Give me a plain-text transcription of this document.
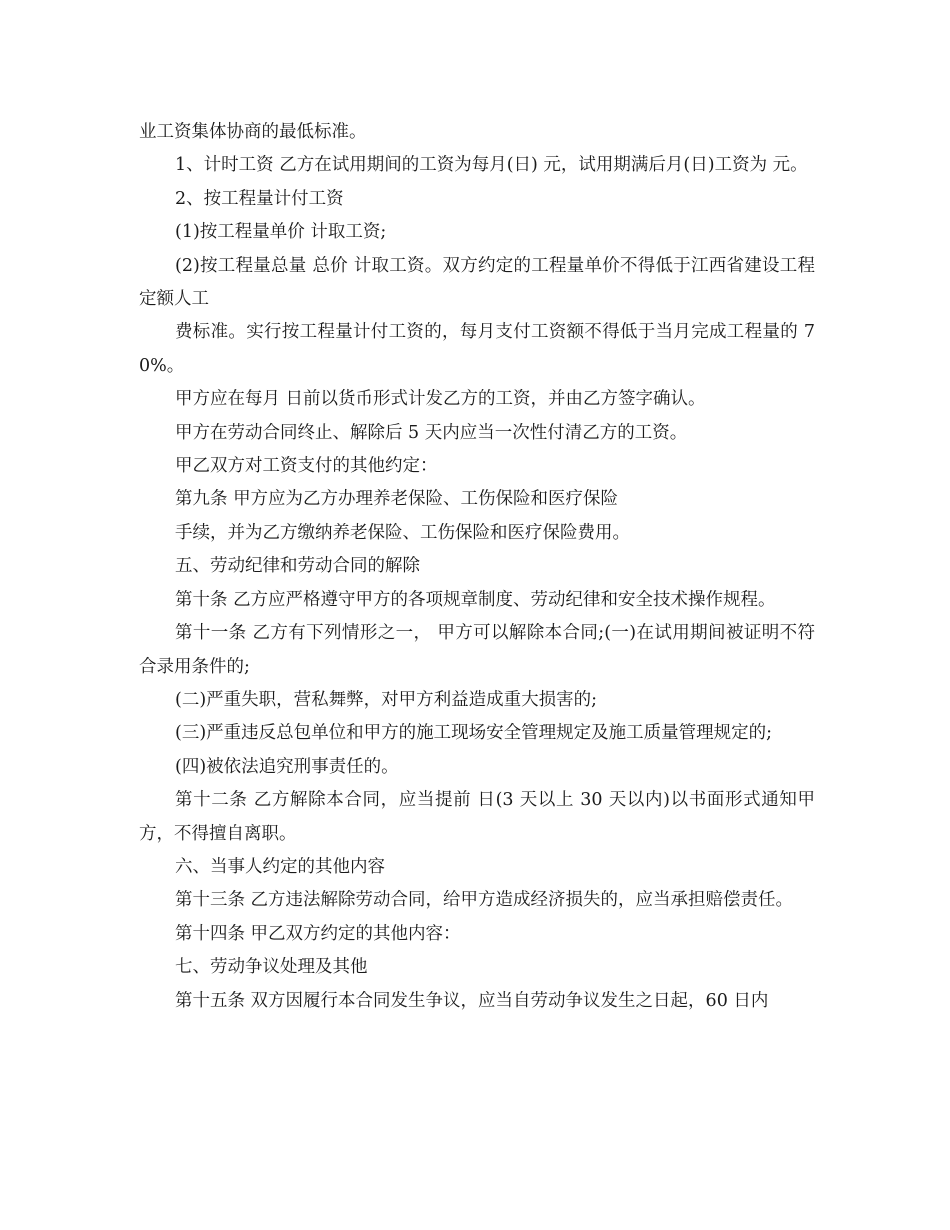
业工资集体协商的最低标准。

1、计时工资 乙方在试用期间的工资为每月(日) 元，试用期满后月(日)工资为 元。

2、按工程量计付工资

(1)按工程量单价 计取工资;

(2)按工程量总量 总价 计取工资。双方约定的工程量单价不得低于江西省建设工程定额人工

费标准。实行按工程量计付工资的，每月支付工资额不得低于当月完成工程量的 70%。

甲方应在每月 日前以货币形式计发乙方的工资，并由乙方签字确认。

甲方在劳动合同终止、解除后 5 天内应当一次性付清乙方的工资。

甲乙双方对工资支付的其他约定：

第九条 甲方应为乙方办理养老保险、工伤保险和医疗保险

手续，并为乙方缴纳养老保险、工伤保险和医疗保险费用。

五、劳动纪律和劳动合同的解除

第十条 乙方应严格遵守甲方的各项规章制度、劳动纪律和安全技术操作规程。

第十一条 乙方有下列情形之一， 甲方可以解除本合同;(一)在试用期间被证明不符合录用条件的;

(二)严重失职，营私舞弊，对甲方利益造成重大损害的;

(三)严重违反总包单位和甲方的施工现场安全管理规定及施工质量管理规定的;

(四)被依法追究刑事责任的。

第十二条 乙方解除本合同，应当提前 日(3 天以上 30 天以内)以书面形式通知甲方，不得擅自离职。

六、当事人约定的其他内容

第十三条 乙方违法解除劳动合同，给甲方造成经济损失的，应当承担赔偿责任。

第十四条 甲乙双方约定的其他内容：

七、劳动争议处理及其他

第十五条 双方因履行本合同发生争议，应当自劳动争议发生之日起，60 日内
